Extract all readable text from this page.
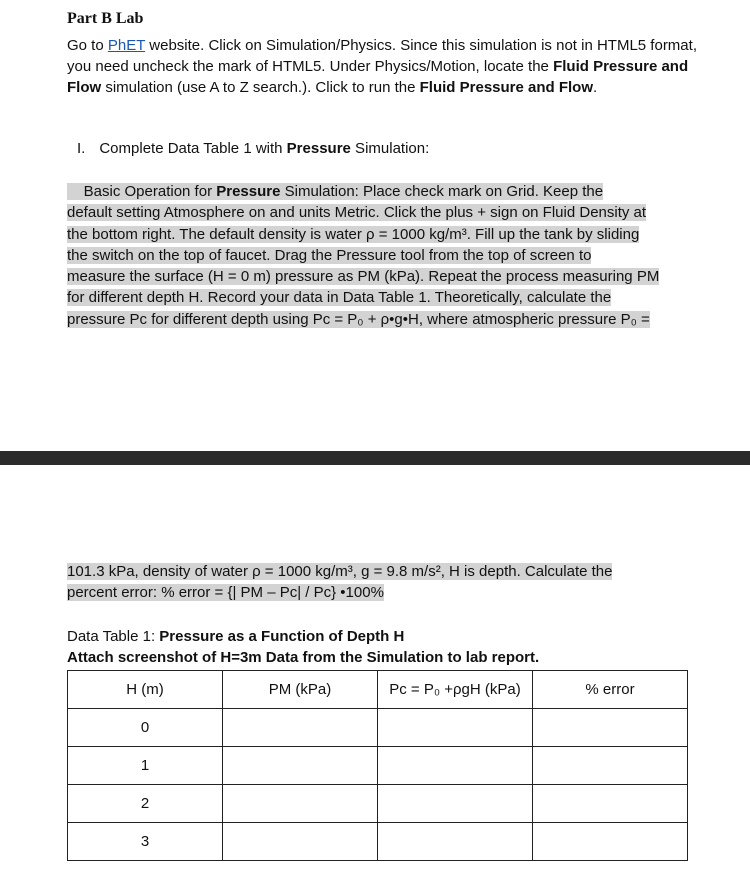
Part B Lab
Go to PhET website. Click on Simulation/Physics. Since this simulation is not in HTML5 format, you need uncheck the mark of HTML5. Under Physics/Motion, locate the Fluid Pressure and Flow simulation (use A to Z search.). Click to run the Fluid Pressure and Flow.
I. Complete Data Table 1 with Pressure Simulation:
Basic Operation for Pressure Simulation: Place check mark on Grid. Keep the
default setting Atmosphere on and units Metric. Click the plus + sign on Fluid Density at
the bottom right. The default density is water ρ = 1000 kg/m³. Fill up the tank by sliding
the switch on the top of faucet. Drag the Pressure tool from the top of screen to
measure the surface (H = 0 m) pressure as PM (kPa). Repeat the process measuring PM
for different depth H. Record your data in Data Table 1. Theoretically, calculate the
pressure Pc for different depth using Pc = P₀ + ρ•g•H, where atmospheric pressure P₀ =
101.3 kPa, density of water ρ = 1000 kg/m³, g = 9.8 m/s², H is depth. Calculate the
percent error: % error = {| PM – Pc| / Pc} •100%
Data Table 1: Pressure as a Function of Depth H
Attach screenshot of H=3m Data from the Simulation to lab report.
H (m)	PM (kPa)	Pc = P₀ +ρgH (kPa)	% error
0			
1			
2			
3			
